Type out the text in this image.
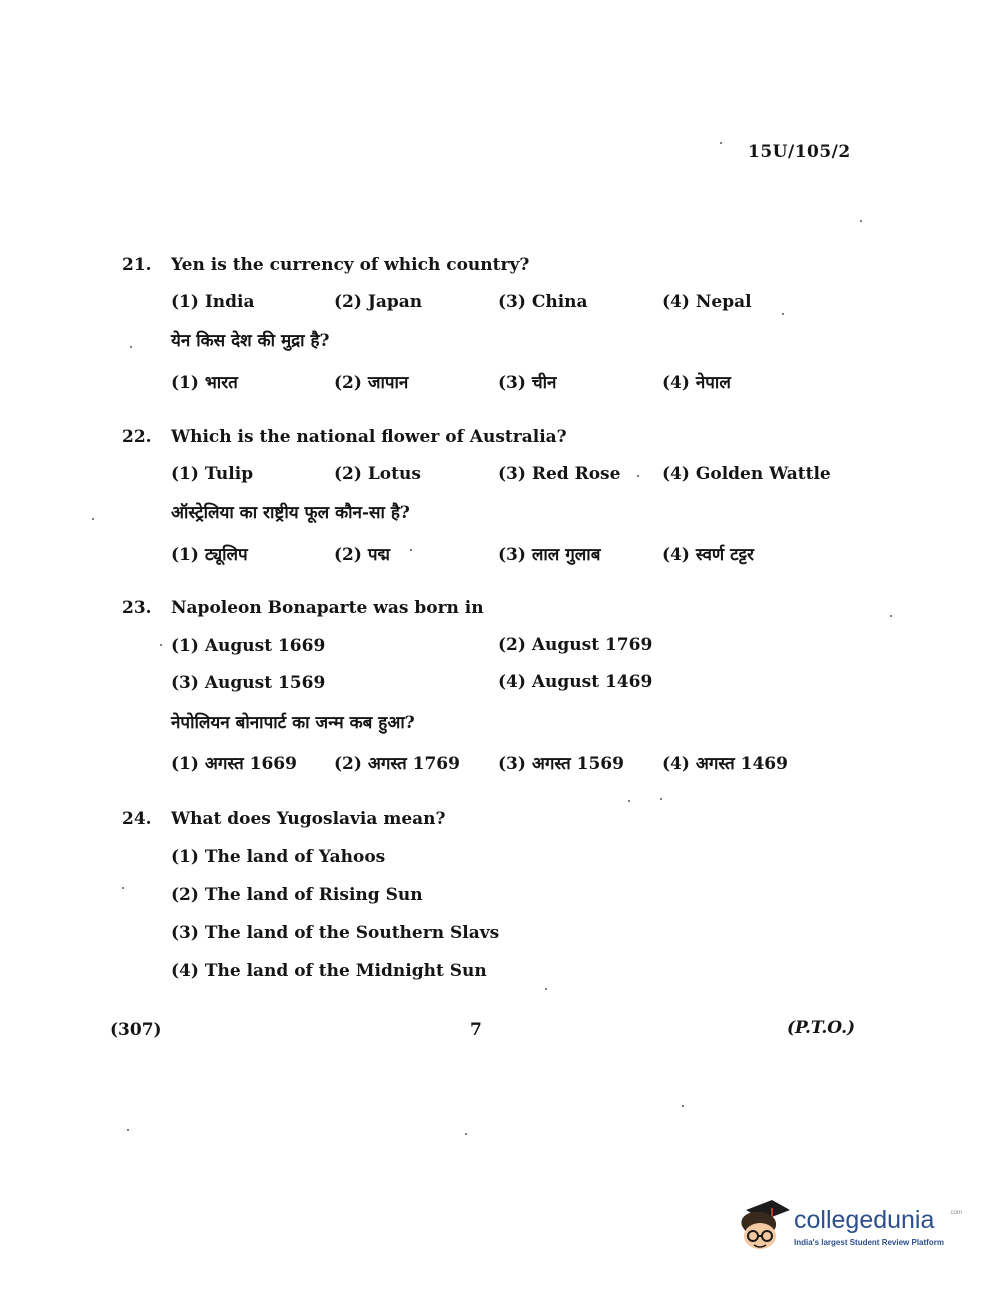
15U/105/2
21. Yen is the currency of which country?
(1) India	(2) Japan	(3) China	(4) Nepal
येन किस देश की मुद्रा है?
(1) भारत	(2) जापान	(3) चीन	(4) नेपाल
22. Which is the national flower of Australia?
(1) Tulip	(2) Lotus	(3) Red Rose (4) Golden Wattle
ऑस्ट्रेलिया का राष्ट्रीय फूल कौन-सा है?
(1) ट्यूलिप	(2) पद्म	(3) लाल गुलाब	(4) स्वर्ण टट्टर
23. Napoleon Bonaparte was born in
(1) August 1669	(2) August 1769
(3) August 1569	(4) August 1469
नेपोलियन बोनापार्ट का जन्म कब हुआ?
(1) अगस्त 1669 (2) अगस्त 1769 (3) अगस्त 1569 (4) अगस्त 1469
24. What does Yugoslavia mean?
(1) The land of Yahoos
(2) The land of Rising Sun
(3) The land of the Southern Slavs
(4) The land of the Midnight Sun
(307)	7	(P.T.O.)
collegedunia .com
India's largest Student Review Platform
